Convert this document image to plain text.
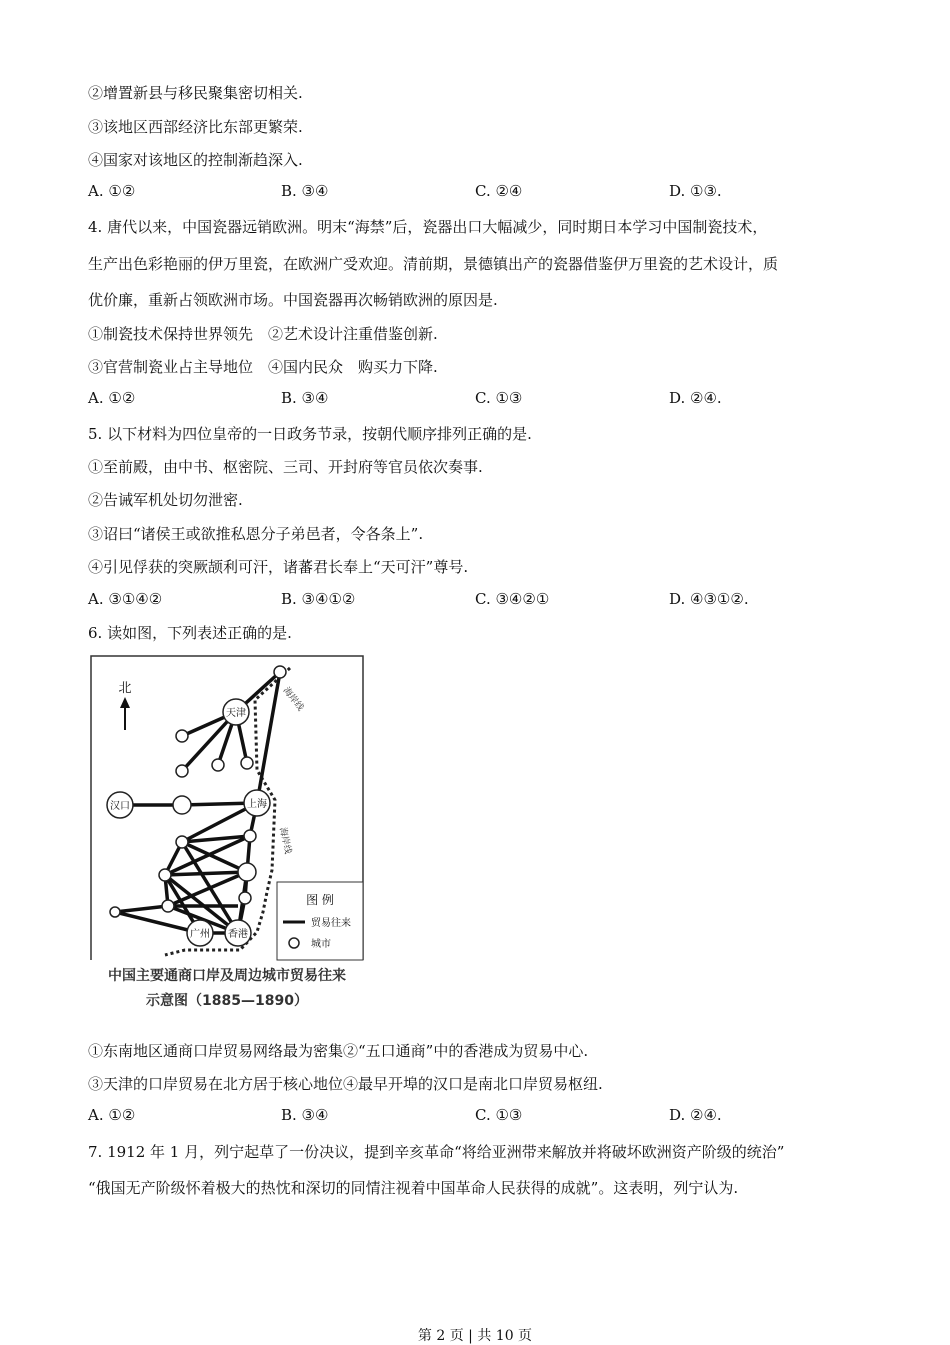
②增置新县与移民聚集密切相关.
③该地区西部经济比东部更繁荣.
④国家对该地区的控制渐趋深入.
A. ①②	B. ③④	C. ②④	D. ①③.
4. 唐代以来，中国瓷器远销欧洲。明末“海禁”后，瓷器出口大幅减少，同时期日本学习中国制瓷技术，
生产出色彩艳丽的伊万里瓷，在欧洲广受欢迎。清前期，景德镇出产的瓷器借鉴伊万里瓷的艺术设计，质
优价廉，重新占领欧洲市场。中国瓷器再次畅销欧洲的原因是.
①制瓷技术保持世界领先　②艺术设计注重借鉴创新.
③官营制瓷业占主导地位　④国内民众　购买力下降.
A. ①②	B. ③④	C. ①③	D. ②④.
5. 以下材料为四位皇帝的一日政务节录，按朝代顺序排列正确的是.
①至前殿，由中书、枢密院、三司、开封府等官员依次奏事.
②告诫军机处切勿泄密.
③诏曰“诸侯王或欲推私恩分子弟邑者，令各条上”.
④引见俘获的突厥颉利可汗，诸蕃君长奉上“天可汗”尊号.
A. ③①④②	B. ③④①②	C. ③④②①	D. ④③①②.
6. 读如图，下列表述正确的是.
北	海岸线
海岸线
天津
汉口	上海
广州 香港
图 例
贸易往来
城市
中国主要通商口岸及周边城市贸易往来
示意图（1885—1890）
①东南地区通商口岸贸易网络最为密集②“五口通商”中的香港成为贸易中心.
③天津的口岸贸易在北方居于核心地位④最早开埠的汉口是南北口岸贸易枢纽.
A. ①②	B. ③④	C. ①③	D. ②④.
7. 1912 年 1 月，列宁起草了一份决议，提到辛亥革命“将给亚洲带来解放并将破坏欧洲资产阶级的统治”
“俄国无产阶级怀着极大的热忱和深切的同情注视着中国革命人民获得的成就”。这表明，列宁认为.
第 2 页 | 共 10 页
